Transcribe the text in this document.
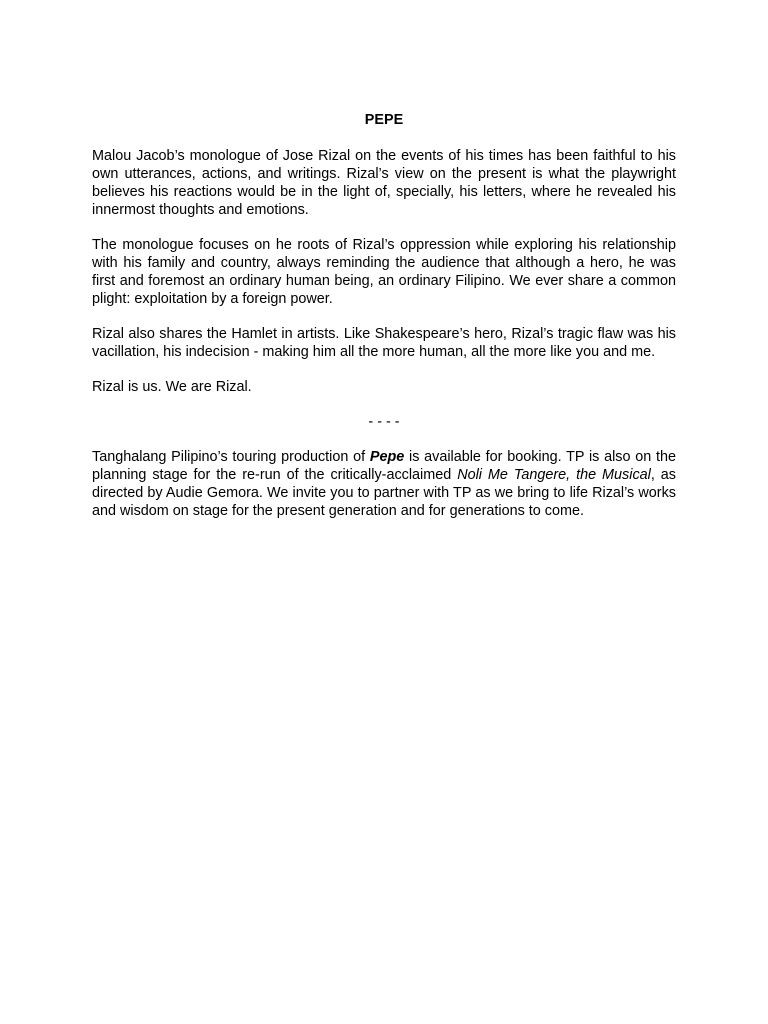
PEPE

Malou Jacob’s monologue of Jose Rizal on the events of his times has been faithful to his own utterances, actions, and writings. Rizal’s view on the present is what the playwright believes his reactions would be in the light of, specially, his letters, where he revealed his innermost thoughts and emotions.

The monologue focuses on he roots of Rizal’s oppression while exploring his relationship with his family and country, always reminding the audience that although a hero, he was first and foremost an ordinary human being, an ordinary Filipino. We ever share a common plight: exploitation by a foreign power.

Rizal also shares the Hamlet in artists. Like Shakespeare’s hero, Rizal’s tragic flaw was his vacillation, his indecision - making him all the more human, all the more like you and me.

Rizal is us. We are Rizal.

- - - -

Tanghalang Pilipino’s touring production of Pepe is available for booking. TP is also on the planning stage for the re-run of the critically-acclaimed Noli Me Tangere, the Musical, as directed by Audie Gemora. We invite you to partner with TP as we bring to life Rizal’s works and wisdom on stage for the present generation and for generations to come.
